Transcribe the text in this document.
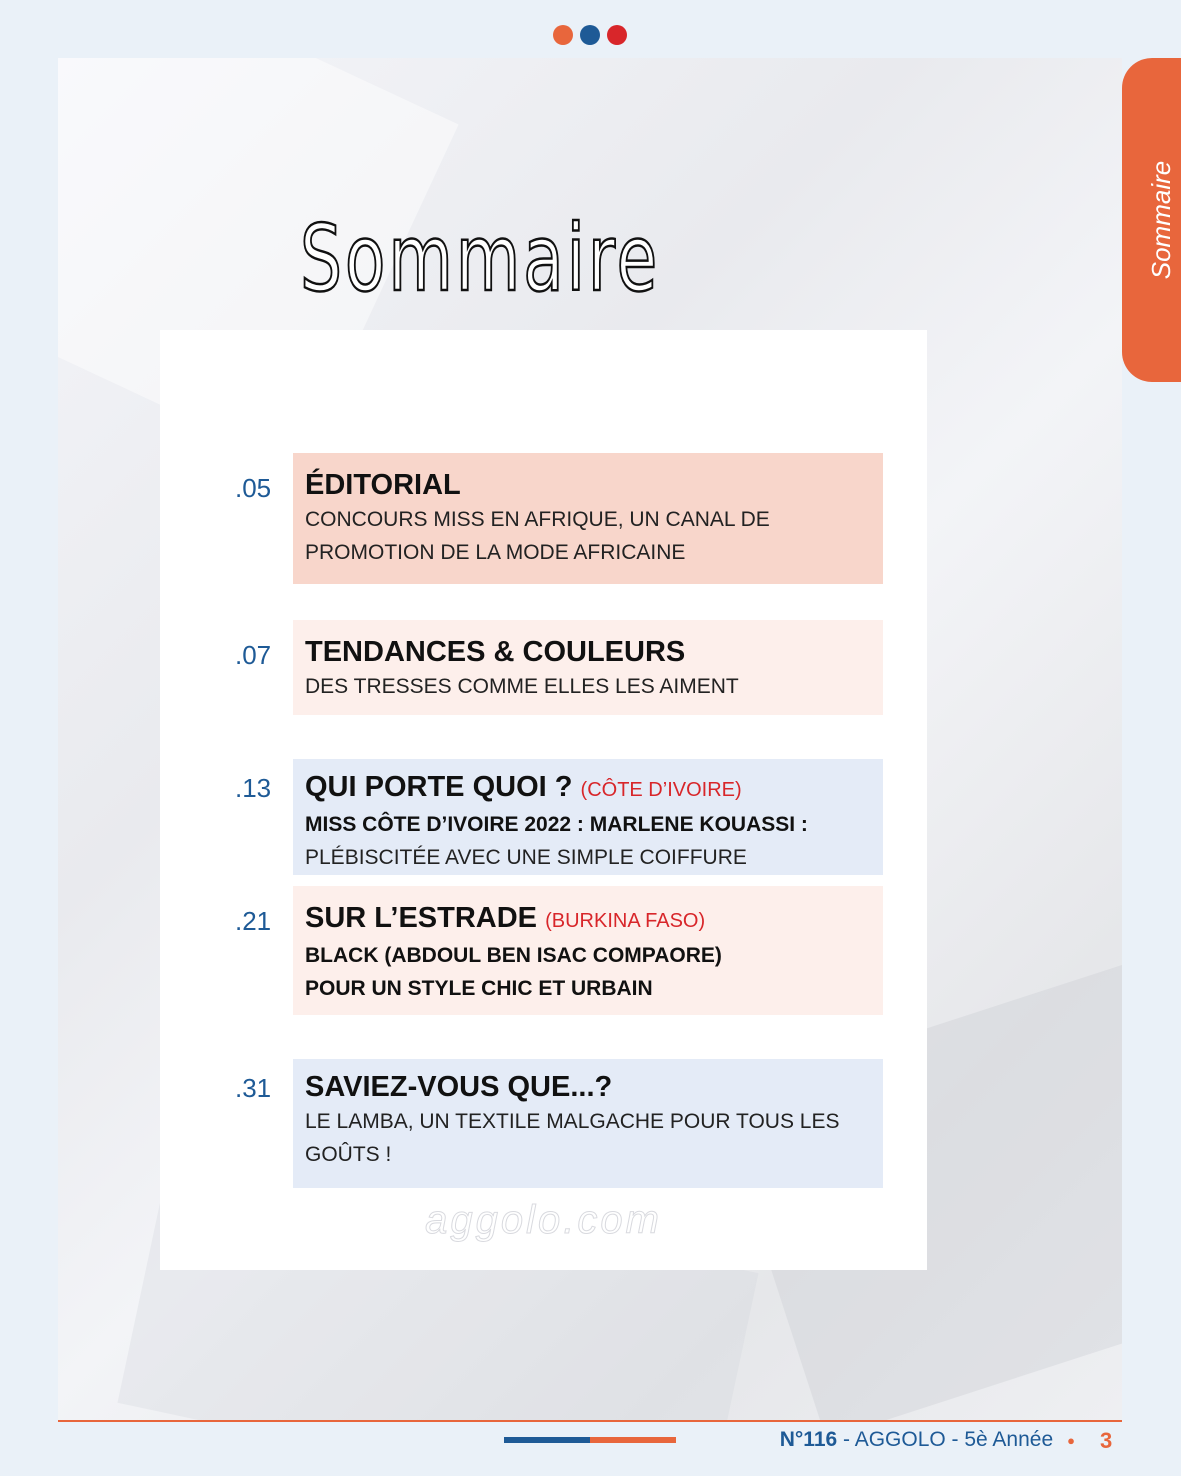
Sommaire
Sommaire
.05 ÉDITORIAL
CONCOURS MISS EN AFRIQUE, UN CANAL DE
PROMOTION DE LA MODE AFRICAINE
.07 TENDANCES & COULEURS
DES TRESSES COMME ELLES LES AIMENT
.13 QUI PORTE QUOI ? (CÔTE D’IVOIRE)
MISS CÔTE D’IVOIRE 2022 : MARLENE KOUASSI :
PLÉBISCITÉE AVEC UNE SIMPLE COIFFURE
.21 SUR L’ESTRADE (BURKINA FASO)
BLACK (ABDOUL BEN ISAC COMPAORE)
POUR UN STYLE CHIC ET URBAIN
.31 SAVIEZ-VOUS QUE...?
LE LAMBA, UN TEXTILE MALGACHE POUR TOUS LES
GOÛTS !
aggolo.com
N°116 - AGGOLO - 5è Année ●	3
